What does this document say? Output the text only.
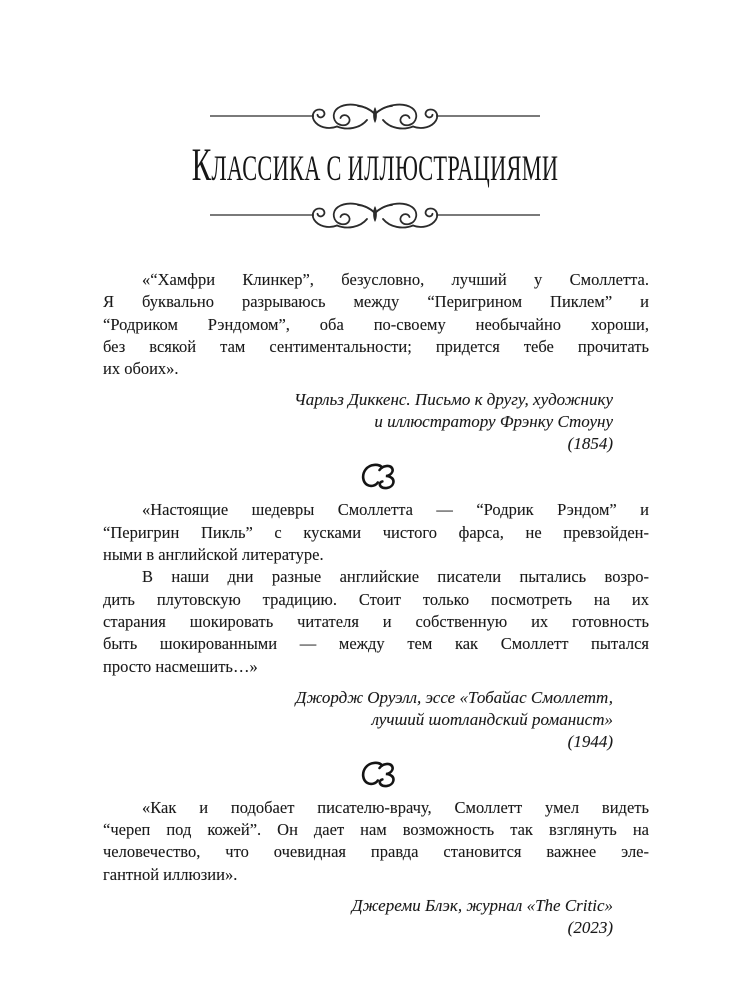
КЛАССИКА С ИЛЛЮСТРАЦИЯМИ
«“Хамфри Клинкер”, безусловно, лучший у Смоллетта.
Я буквально разрываюсь между “Перигрином Пиклем” и
“Родриком Рэндомом”, оба по-своему необычайно хороши,
без всякой там сентиментальности; придется тебе прочитать
их обоих».
Чарльз Диккенс. Письмо к другу, художнику
и иллюстратору Фрэнку Стоуну
(1854)
«Настоящие шедевры Смоллетта — “Родрик Рэндом” и
“Перигрин Пикль” с кусками чистого фарса, не превзойден-
ными в английской литературе.
В наши дни разные английские писатели пытались возро-
дить плутовскую традицию. Стоит только посмотреть на их
старания шокировать читателя и собственную их готовность
быть шокированными — между тем как Смоллетт пытался
просто насмешить…»
Джордж Оруэлл, эссе «Тобайас Смоллетт,
лучший шотландский романист»
(1944)
«Как и подобает писателю-врачу, Смоллетт умел видеть
“череп под кожей”. Он дает нам возможность так взглянуть на
человечество, что очевидная правда становится важнее эле-
гантной иллюзии».
Джереми Блэк, журнал «The Critic»
(2023)
